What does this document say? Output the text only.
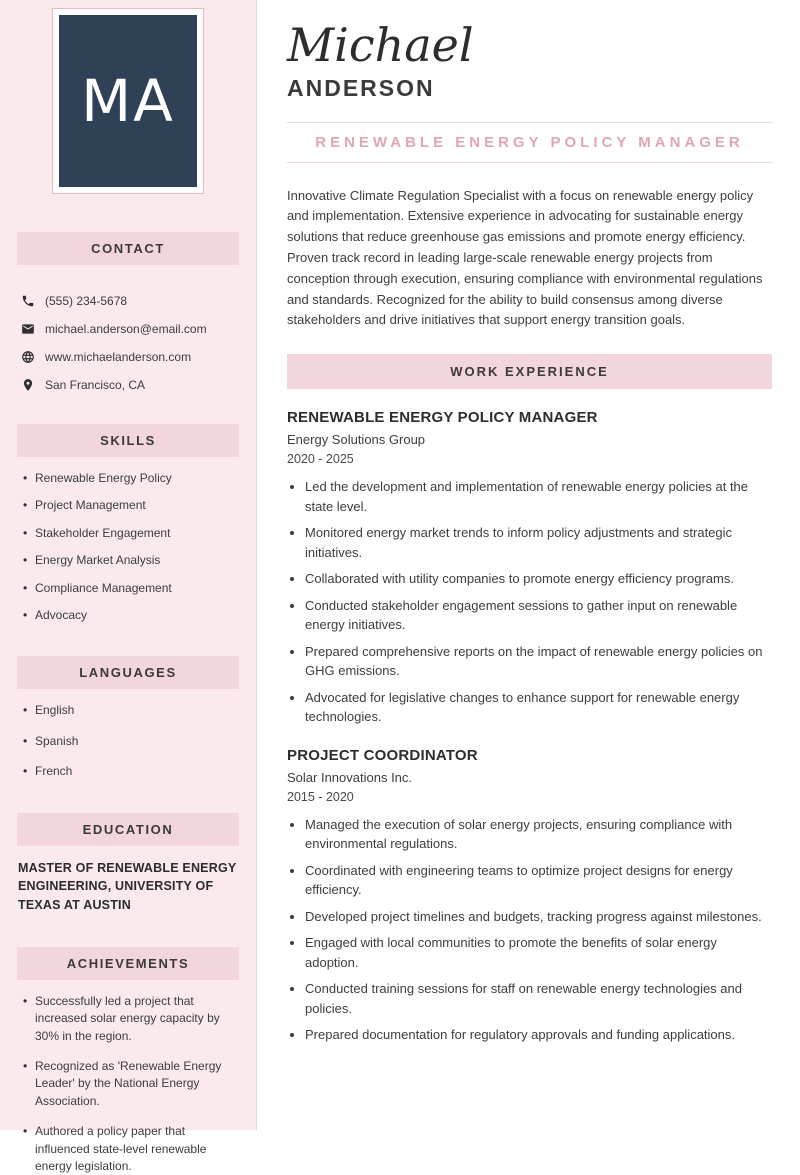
MA
CONTACT
(555) 234-5678
michael.anderson@email.com
www.michaelanderson.com
San Francisco, CA
SKILLS
• Renewable Energy Policy
• Project Management
• Stakeholder Engagement
• Energy Market Analysis
• Compliance Management
• Advocacy
LANGUAGES
• English
• Spanish
• French
EDUCATION

MASTER OF RENEWABLE ENERGY ENGINEERING, UNIVERSITY OF TEXAS AT AUSTIN

ACHIEVEMENTS
• Successfully led a project that increased solar energy capacity by 30% in the region.
• Recognized as 'Renewable Energy Leader' by the National Energy Association.
• Authored a policy paper that influenced state-level renewable energy legislation.
Michael
ANDERSON
RENEWABLE ENERGY POLICY MANAGER

Innovative Climate Regulation Specialist with a focus on renewable energy policy and implementation. Extensive experience in advocating for sustainable energy solutions that reduce greenhouse gas emissions and promote energy efficiency. Proven track record in leading large-scale renewable energy projects from conception through execution, ensuring compliance with environmental regulations and standards. Recognized for the ability to build consensus among diverse stakeholders and drive initiatives that support energy transition goals.

WORK EXPERIENCE
RENEWABLE ENERGY POLICY MANAGER
Energy Solutions Group
2020 - 2025
• Led the development and implementation of renewable energy policies at the state level.
• Monitored energy market trends to inform policy adjustments and strategic initiatives.
• Collaborated with utility companies to promote energy efficiency programs.
• Conducted stakeholder engagement sessions to gather input on renewable energy initiatives.
• Prepared comprehensive reports on the impact of renewable energy policies on GHG emissions.
• Advocated for legislative changes to enhance support for renewable energy technologies.
PROJECT COORDINATOR
Solar Innovations Inc.
2015 - 2020
• Managed the execution of solar energy projects, ensuring compliance with environmental regulations.
• Coordinated with engineering teams to optimize project designs for energy efficiency.
• Developed project timelines and budgets, tracking progress against milestones.
• Engaged with local communities to promote the benefits of solar energy adoption.
• Conducted training sessions for staff on renewable energy technologies and policies.
• Prepared documentation for regulatory approvals and funding applications.
